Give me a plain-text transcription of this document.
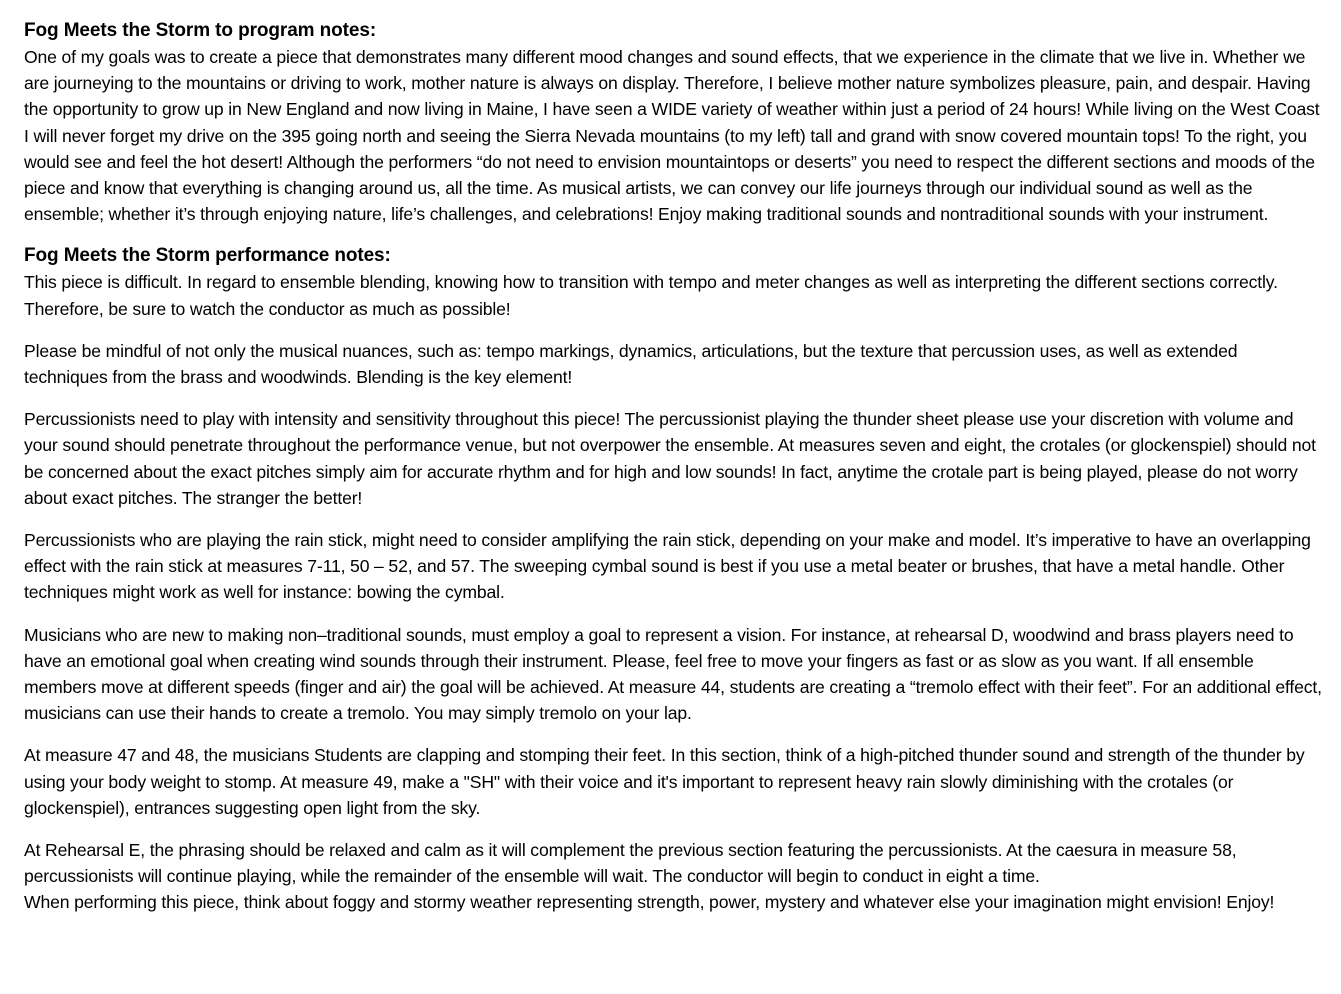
Fog Meets the Storm to program notes:

One of my goals was to create a piece that demonstrates many different mood changes and sound effects, that we experience in the climate that we live in. Whether we are journeying to the mountains or driving to work, mother nature is always on display. Therefore, I believe mother nature symbolizes pleasure, pain, and despair. Having the opportunity to grow up in New England and now living in Maine, I have seen a WIDE variety of weather within just a period of 24 hours! While living on the West Coast I will never forget my drive on the 395 going north and seeing the Sierra Nevada mountains (to my left) tall and grand with snow covered mountain tops! To the right, you would see and feel the hot desert! Although the performers “do not need to envision mountaintops or deserts” you need to respect the different sections and moods of the piece and know that everything is changing around us, all the time. As musical artists, we can convey our life journeys through our individual sound as well as the ensemble; whether it’s through enjoying nature, life’s challenges, and celebrations! Enjoy making traditional sounds and nontraditional sounds with your instrument.

Fog Meets the Storm performance notes:

This piece is difficult. In regard to ensemble blending, knowing how to transition with tempo and meter changes as well as interpreting the different sections correctly. Therefore, be sure to watch the conductor as much as possible!

Please be mindful of not only the musical nuances, such as: tempo markings, dynamics, articulations, but the texture that percussion uses, as well as extended techniques from the brass and woodwinds. Blending is the key element!

Percussionists need to play with intensity and sensitivity throughout this piece! The percussionist playing the thunder sheet please use your discretion with volume and your sound should penetrate throughout the performance venue, but not overpower the ensemble. At measures seven and eight, the crotales (or glockenspiel) should not be concerned about the exact pitches simply aim for accurate rhythm and for high and low sounds! In fact, anytime the crotale part is being played, please do not worry about exact pitches. The stranger the better!

Percussionists who are playing the rain stick, might need to consider amplifying the rain stick, depending on your make and model. It’s imperative to have an overlapping effect with the rain stick at measures 7-11, 50 – 52, and 57. The sweeping cymbal sound is best if you use a metal beater or brushes, that have a metal handle. Other techniques might work as well for instance: bowing the cymbal.

Musicians who are new to making non–traditional sounds, must employ a goal to represent a vision. For instance, at rehearsal D, woodwind and brass players need to have an emotional goal when creating wind sounds through their instrument. Please, feel free to move your fingers as fast or as slow as you want. If all ensemble members move at different speeds (finger and air) the goal will be achieved. At measure 44, students are creating a “tremolo effect with their feet”. For an additional effect, musicians can use their hands to create a tremolo. You may simply tremolo on your lap.

At measure 47 and 48, the musicians Students are clapping and stomping their feet. In this section, think of a high-pitched thunder sound and strength of the thunder by using your body weight to stomp. At measure 49, make a "SH" with their voice and it's important to represent heavy rain slowly diminishing with the crotales (or glockenspiel), entrances suggesting open light from the sky.

At Rehearsal E, the phrasing should be relaxed and calm as it will complement the previous section featuring the percussionists. At the caesura in measure 58, percussionists will continue playing, while the remainder of the ensemble will wait. The conductor will begin to conduct in eight a time.

When performing this piece, think about foggy and stormy weather representing strength, power, mystery and whatever else your imagination might envision! Enjoy!
